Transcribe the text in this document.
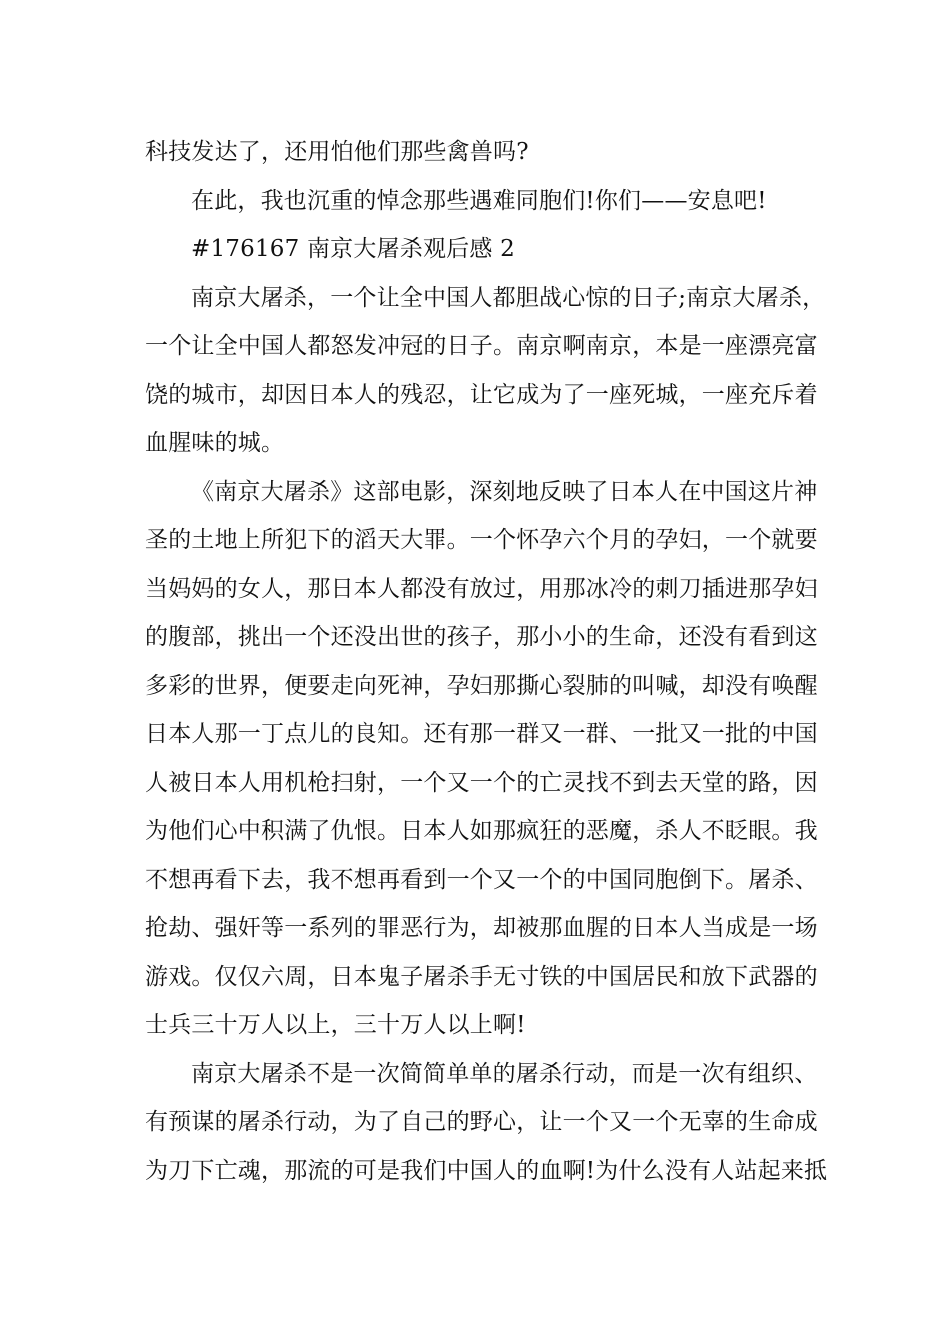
科技发达了，还用怕他们那些禽兽吗?
在此，我也沉重的悼念那些遇难同胞们!你们——安息吧!
#176167 南京大屠杀观后感 2
南京大屠杀，一个让全中国人都胆战心惊的日子;南京大屠杀，
一个让全中国人都怒发冲冠的日子。南京啊南京，本是一座漂亮富
饶的城市，却因日本人的残忍，让它成为了一座死城，一座充斥着
血腥味的城。
《南京大屠杀》这部电影，深刻地反映了日本人在中国这片神
圣的土地上所犯下的滔天大罪。一个怀孕六个月的孕妇，一个就要
当妈妈的女人，那日本人都没有放过，用那冰冷的刺刀插进那孕妇
的腹部，挑出一个还没出世的孩子，那小小的生命，还没有看到这
多彩的世界，便要走向死神，孕妇那撕心裂肺的叫喊，却没有唤醒
日本人那一丁点儿的良知。还有那一群又一群、一批又一批的中国
人被日本人用机枪扫射，一个又一个的亡灵找不到去天堂的路，因
为他们心中积满了仇恨。日本人如那疯狂的恶魔，杀人不眨眼。我
不想再看下去，我不想再看到一个又一个的中国同胞倒下。屠杀、
抢劫、强奸等一系列的罪恶行为，却被那血腥的日本人当成是一场
游戏。仅仅六周，日本鬼子屠杀手无寸铁的中国居民和放下武器的
士兵三十万人以上，三十万人以上啊!
南京大屠杀不是一次简简单单的屠杀行动，而是一次有组织、
有预谋的屠杀行动，为了自己的野心，让一个又一个无辜的生命成
为刀下亡魂，那流的可是我们中国人的血啊!为什么没有人站起来抵
